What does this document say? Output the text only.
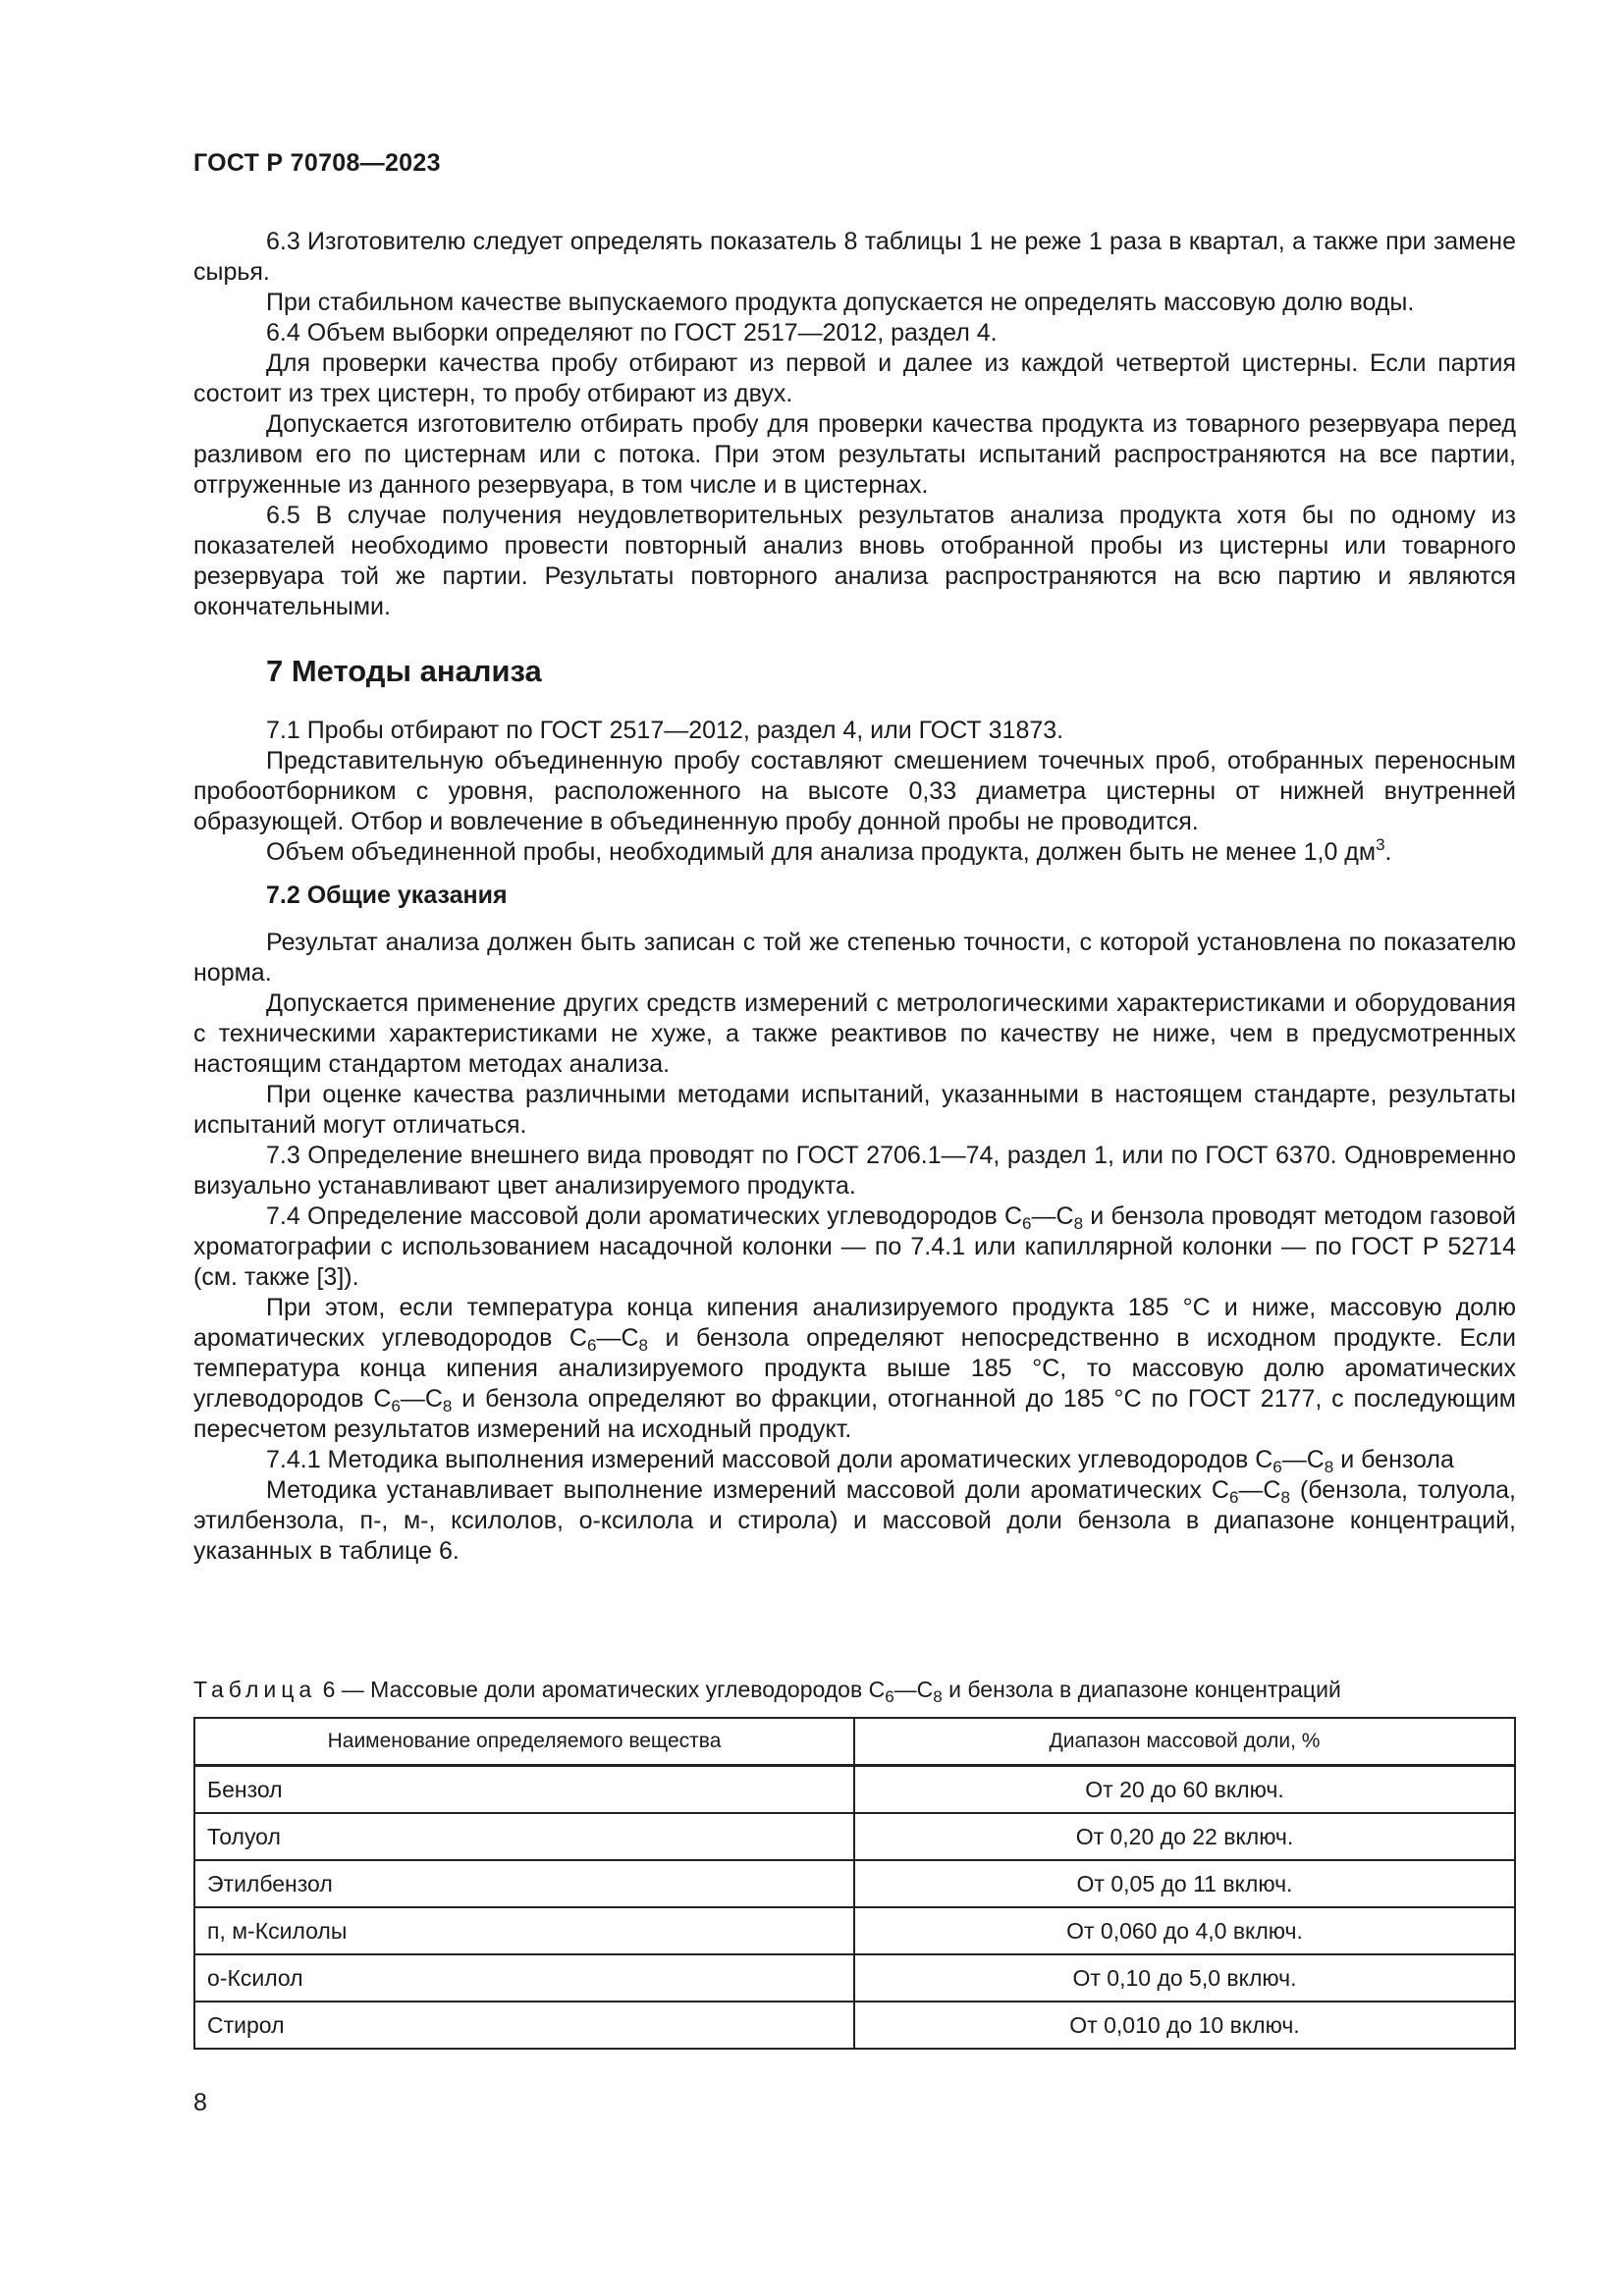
ГОСТ Р 70708—2023

6.3 Изготовителю следует определять показатель 8 таблицы 1 не реже 1 раза в квартал, а также при замене сырья.

При стабильном качестве выпускаемого продукта допускается не определять массовую долю воды.

6.4 Объем выборки определяют по ГОСТ 2517—2012, раздел 4.

Для проверки качества пробу отбирают из первой и далее из каждой четвертой цистерны. Если партия состоит из трех цистерн, то пробу отбирают из двух.

Допускается изготовителю отбирать пробу для проверки качества продукта из товарного резервуара перед разливом его по цистернам или с потока. При этом результаты испытаний распространяются на все партии, отгруженные из данного резервуара, в том числе и в цистернах.

6.5 В случае получения неудовлетворительных результатов анализа продукта хотя бы по одному из показателей необходимо провести повторный анализ вновь отобранной пробы из цистерны или товарного резервуара той же партии. Результаты повторного анализа распространяются на всю партию и являются окончательными.

7 Методы анализа

7.1 Пробы отбирают по ГОСТ 2517—2012, раздел 4, или ГОСТ 31873.

Представительную объединенную пробу составляют смешением точечных проб, отобранных переносным пробоотборником с уровня, расположенного на высоте 0,33 диаметра цистерны от нижней внутренней образующей. Отбор и вовлечение в объединенную пробу донной пробы не проводится.

Объем объединенной пробы, необходимый для анализа продукта, должен быть не менее 1,0 $дм^3$.

7.2 Общие указания

Результат анализа должен быть записан с той же степенью точности, с которой установлена по показателю норма.

Допускается применение других средств измерений с метрологическими характеристиками и оборудования с техническими характеристиками не хуже, а также реактивов по качеству не ниже, чем в предусмотренных настоящим стандартом методах анализа.

При оценке качества различными методами испытаний, указанными в настоящем стандарте, результаты испытаний могут отличаться.

7.3 Определение внешнего вида проводят по ГОСТ 2706.1—74, раздел 1, или по ГОСТ 6370. Одновременно визуально устанавливают цвет анализируемого продукта.

7.4 Определение массовой доли ароматических углеводородов $С_6—С_8$ и бензола проводят методом газовой хроматографии с использованием насадочной колонки — по 7.4.1 или капиллярной колонки — по ГОСТ Р 52714 (см. также [3]).

При этом, если температура конца кипения анализируемого продукта 185 °С и ниже, массовую долю ароматических углеводородов $С_6—С_8$ и бензола определяют непосредственно в исходном продукте. Если температура конца кипения анализируемого продукта выше 185 °С, то массовую долю ароматических углеводородов $С_6—С_8$ и бензола определяют во фракции, отогнанной до 185 °С по ГОСТ 2177, с последующим пересчетом результатов измерений на исходный продукт.

7.4.1 Методика выполнения измерений массовой доли ароматических углеводородов $С_6—С_8$ и бензола

Методика устанавливает выполнение измерений массовой доли ароматических $С_6—С_8$ (бензола, толуола, этилбензола, п-, м-, ксилолов, о-ксилола и стирола) и массовой доли бензола в диапазоне концентраций, указанных в таблице 6.

Таблица 6 — Массовые доли ароматических углеводородов $С_6—С_8$ и бензола в диапазоне концентраций
Наименование определяемого вещества	Диапазон массовой доли, %
Бензол	От 20 до 60 включ.
Толуол	От 0,20 до 22 включ.
Этилбензол	От 0,05 до 11 включ.
п, м-Ксилолы	От 0,060 до 4,0 включ.
о-Ксилол	От 0,10 до 5,0 включ.
Стирол	От 0,010 до 10 включ.
8
